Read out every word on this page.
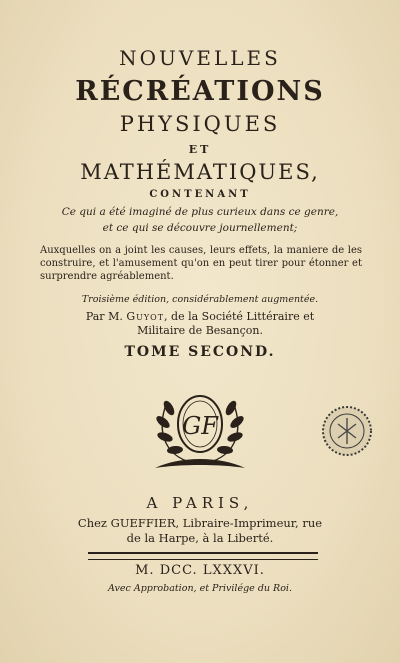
NOUVELLES
RÉCRÉATIONS
PHYSIQUES
ET
MATHÉMATIQUES,
CONTENANT
Ce qui a été imaginé de plus curieux dans ce genre,
et ce qui se découvre journellement;
Auxquelles on a joint les causes, leurs effets, la maniere de les construire, et l'amusement qu'on en peut tirer pour étonner et surprendre agréablement.
Troisième édition, considérablement augmentée.
Par M. Guyot, de la Société Littéraire et
Militaire de Besançon.
TOME SECOND.
GF
A PARIS,
Chez GUEFFIER, Libraire-Imprimeur, rue
de la Harpe, à la Liberté.
M. DCC. LXXXVI.
Avec Approbation, et Privilége du Roi.
